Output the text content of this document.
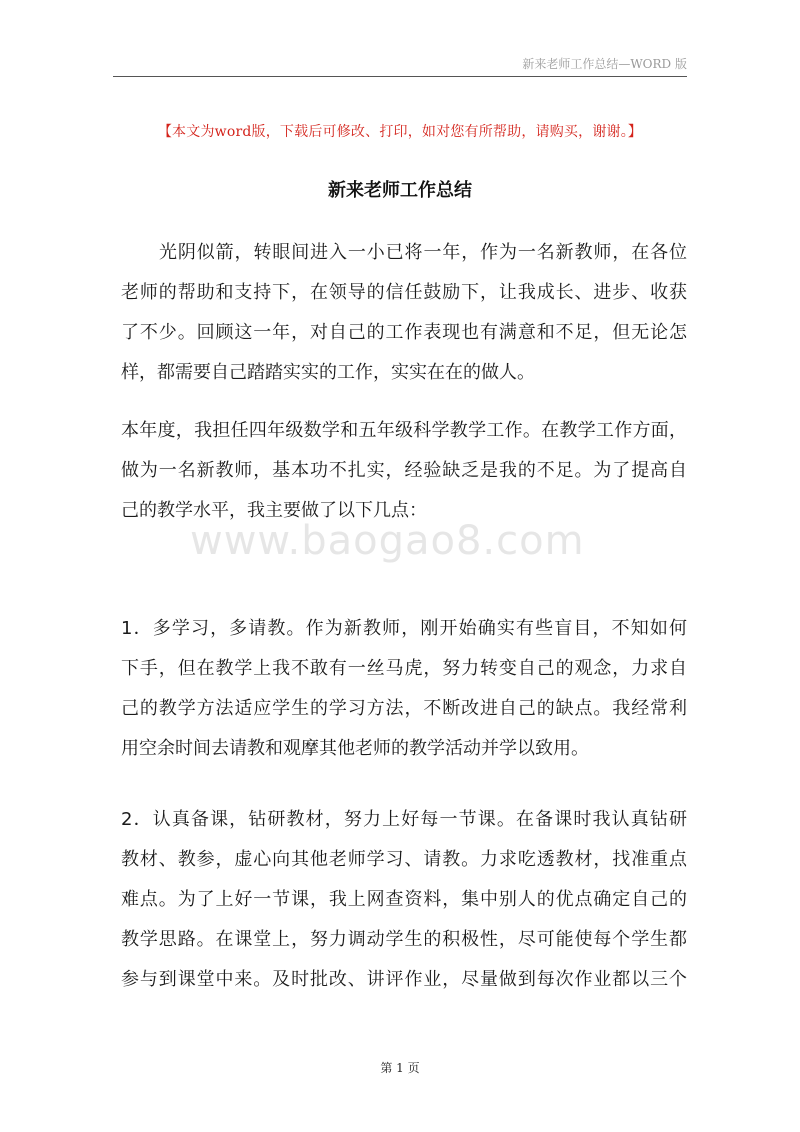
新来老师工作总结—WORD 版
【本文为word版，下载后可修改、打印，如对您有所帮助，请购买，谢谢。】
新来老师工作总结
www.baogao8.com

光阴似箭，转眼间进入一小已将一年，作为一名新教师，在各位
老师的帮助和支持下，在领导的信任鼓励下，让我成长、进步、收获
了不少。回顾这一年，对自己的工作表现也有满意和不足，但无论怎
样，都需要自己踏踏实实的工作，实实在在的做人。

本年度，我担任四年级数学和五年级科学教学工作。在教学工作方面，
做为一名新教师，基本功不扎实，经验缺乏是我的不足。为了提高自
己的教学水平，我主要做了以下几点：

1．多学习，多请教。作为新教师，刚开始确实有些盲目，不知如何
下手，但在教学上我不敢有一丝马虎，努力转变自己的观念，力求自
己的教学方法适应学生的学习方法，不断改进自己的缺点。我经常利
用空余时间去请教和观摩其他老师的教学活动并学以致用。

2．认真备课，钻研教材，努力上好每一节课。在备课时我认真钻研
教材、教参，虚心向其他老师学习、请教。力求吃透教材，找准重点
难点。为了上好一节课，我上网查资料，集中别人的优点确定自己的
教学思路。在课堂上，努力调动学生的积极性，尽可能使每个学生都
参与到课堂中来。及时批改、讲评作业，尽量做到每次作业都以三个

第 1 页
